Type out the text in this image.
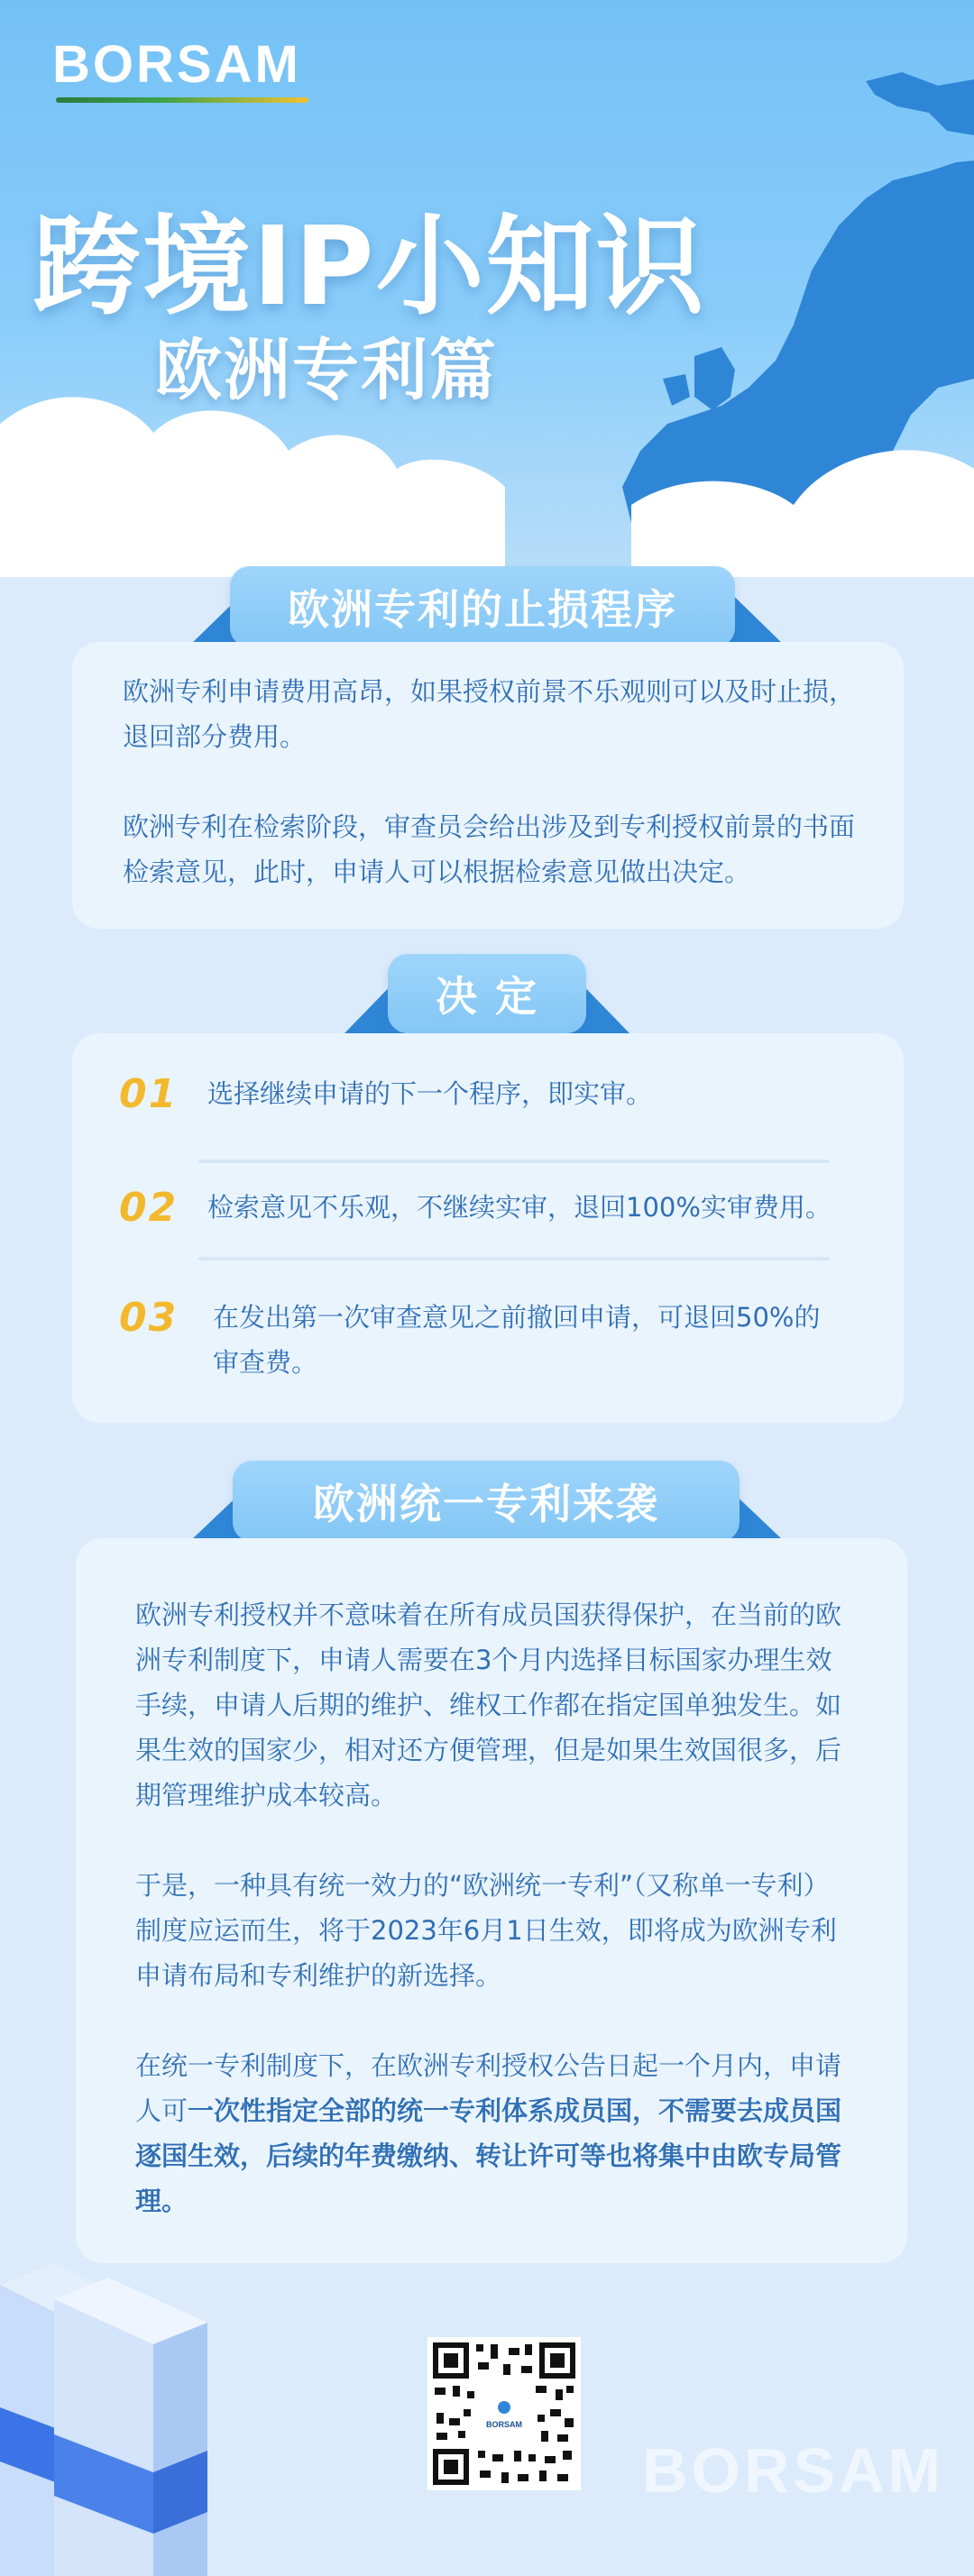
BORSAM
跨境IP小知识
欧洲专利篇
欧洲专利的止损程序

欧洲专利申请费用高昂，如果授权前景不乐观则可以及时止损，退回部分费用。

欧洲专利在检索阶段，审查员会给出涉及到专利授权前景的书面检索意见，此时，申请人可以根据检索意见做出决定。

决 定
01 选择继续申请的下一个程序，即实审。
02 检索意见不乐观，不继续实审，退回100%实审费用。
03 在发出第一次审查意见之前撤回申请，可退回50%的审查费。
欧洲统一专利来袭

欧洲专利授权并不意味着在所有成员国获得保护，在当前的欧洲专利制度下，申请人需要在3个月内选择目标国家办理生效手续，申请人后期的维护、维权工作都在指定国单独发生。如果生效的国家少，相对还方便管理，但是如果生效国很多，后期管理维护成本较高。

于是，一种具有统一效力的“欧洲统一专利”（又称单一专利）制度应运而生，将于2023年6月1日生效，即将成为欧洲专利申请布局和专利维护的新选择。

在统一专利制度下，在欧洲专利授权公告日起一个月内，申请人可一次性指定全部的统一专利体系成员国，不需要去成员国逐国生效，后续的年费缴纳、转让许可等也将集中由欧专局管理。

BORSAM
BORSAM
